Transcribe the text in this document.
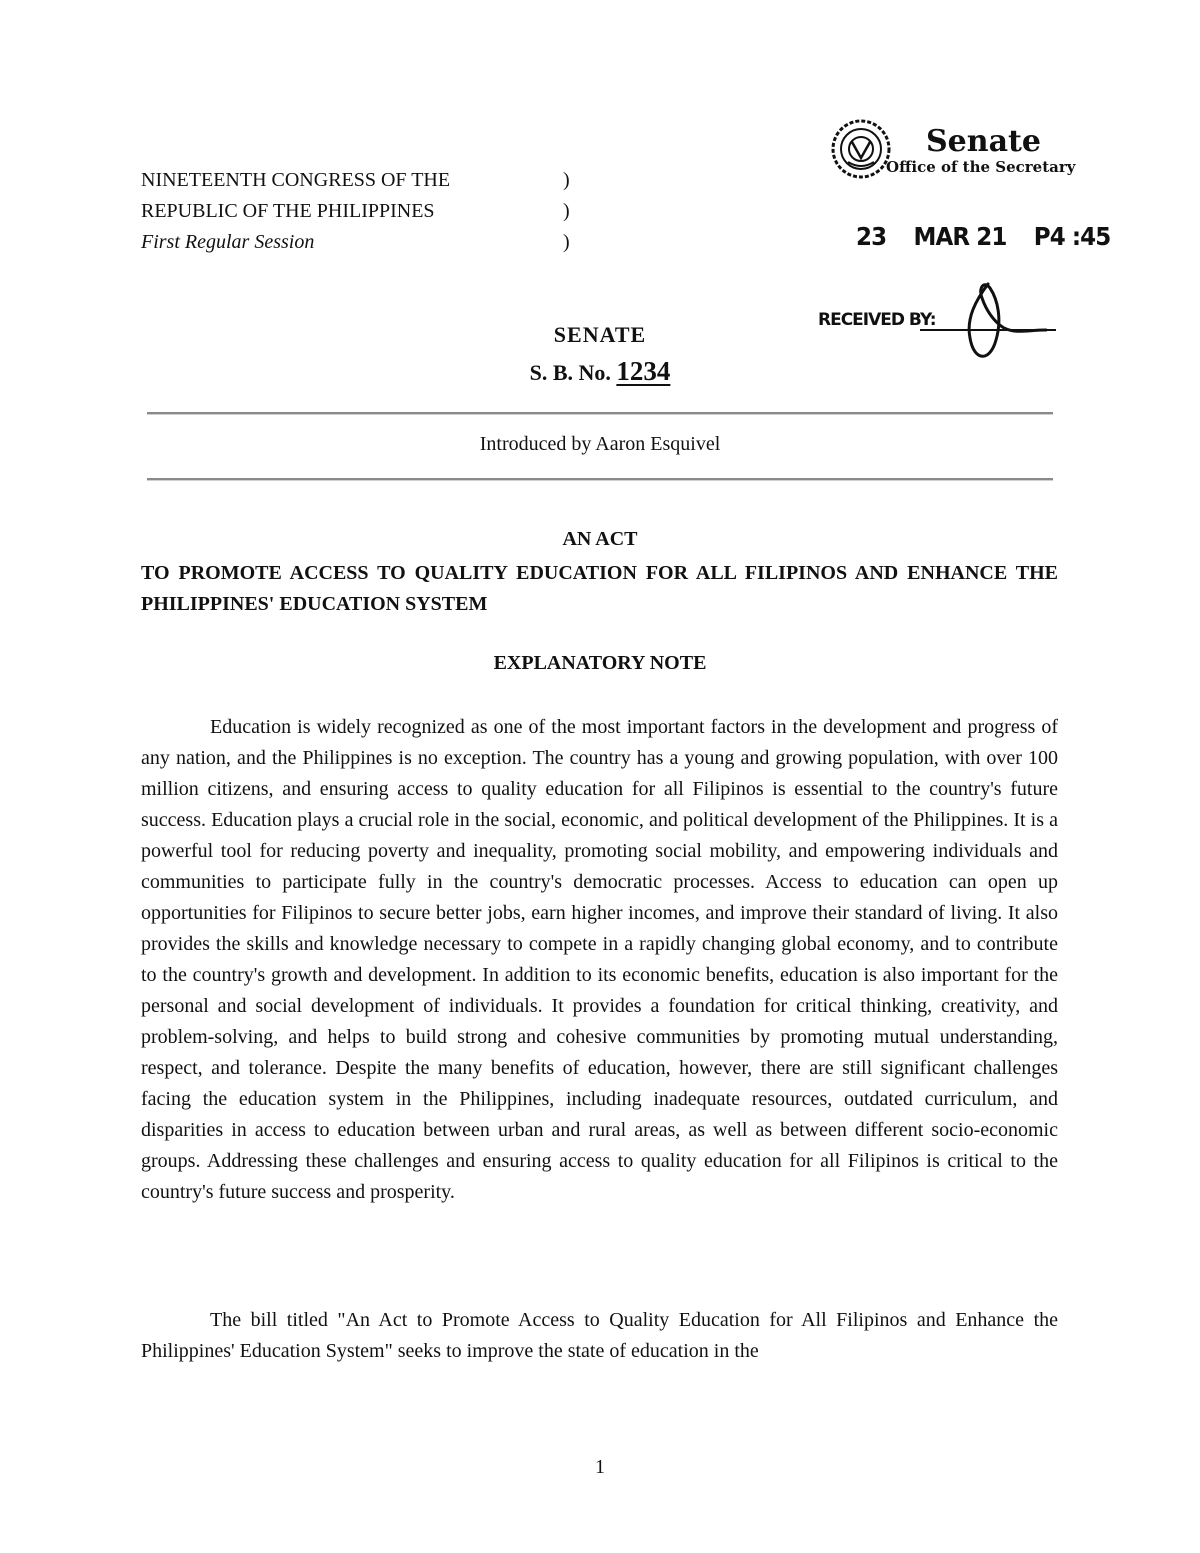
NINETEENTH CONGRESS OF THE	)
REPUBLIC OF THE PHILIPPINES	)
First Regular Session	)
Senate
Office of the Secretary
23 MAR 21 P4 :45
RECEIVED BY:
SENATE
S. B. No. 1234
Introduced by Aaron Esquivel
AN ACT
TO PROMOTE ACCESS TO QUALITY EDUCATION FOR ALL FILIPINOS AND ENHANCE THE PHILIPPINES' EDUCATION SYSTEM
EXPLANATORY NOTE

Education is widely recognized as one of the most important factors in the development and progress of any nation, and the Philippines is no exception. The country has a young and growing population, with over 100 million citizens, and ensuring access to quality education for all Filipinos is essential to the country's future success. Education plays a crucial role in the social, economic, and political development of the Philippines. It is a powerful tool for reducing poverty and inequality, promoting social mobility, and empowering individuals and communities to participate fully in the country's democratic processes. Access to education can open up opportunities for Filipinos to secure better jobs, earn higher incomes, and improve their standard of living. It also provides the skills and knowledge necessary to compete in a rapidly changing global economy, and to contribute to the country's growth and development. In addition to its economic benefits, education is also important for the personal and social development of individuals. It provides a foundation for critical thinking, creativity, and problem-solving, and helps to build strong and cohesive communities by promoting mutual understanding, respect, and tolerance. Despite the many benefits of education, however, there are still significant challenges facing the education system in the Philippines, including inadequate resources, outdated curriculum, and disparities in access to education between urban and rural areas, as well as between different socio-economic groups. Addressing these challenges and ensuring access to quality education for all Filipinos is critical to the country's future success and prosperity.

The bill titled "An Act to Promote Access to Quality Education for All Filipinos and Enhance the Philippines' Education System" seeks to improve the state of education in the

1
